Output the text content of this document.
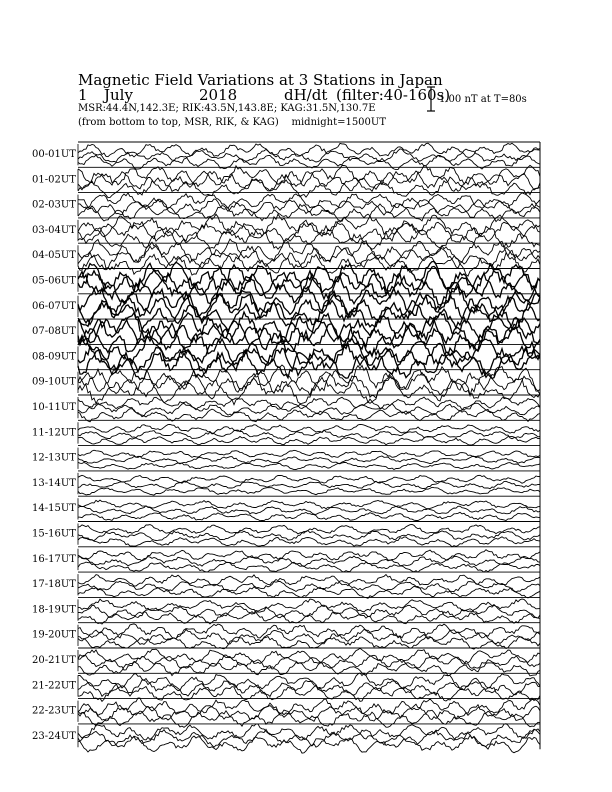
Magnetic Field Variations at 3 Stations in Japan
1 July	2018	dH/dt (filter:40-160s)
MSR:44.4N,142.3E; RIK:43.5N,143.8E; KAG:31.5N,130.7E
(from bottom to top, MSR, RIK, & KAG) midnight=1500UT
1.00 nT at T=80s
00-01UT
01-02UT
02-03UT
03-04UT
04-05UT
05-06UT
06-07UT
07-08UT
08-09UT
09-10UT
10-11UT
11-12UT
12-13UT
13-14UT
14-15UT
15-16UT
16-17UT
17-18UT
18-19UT
19-20UT
20-21UT
21-22UT
22-23UT
23-24UT
